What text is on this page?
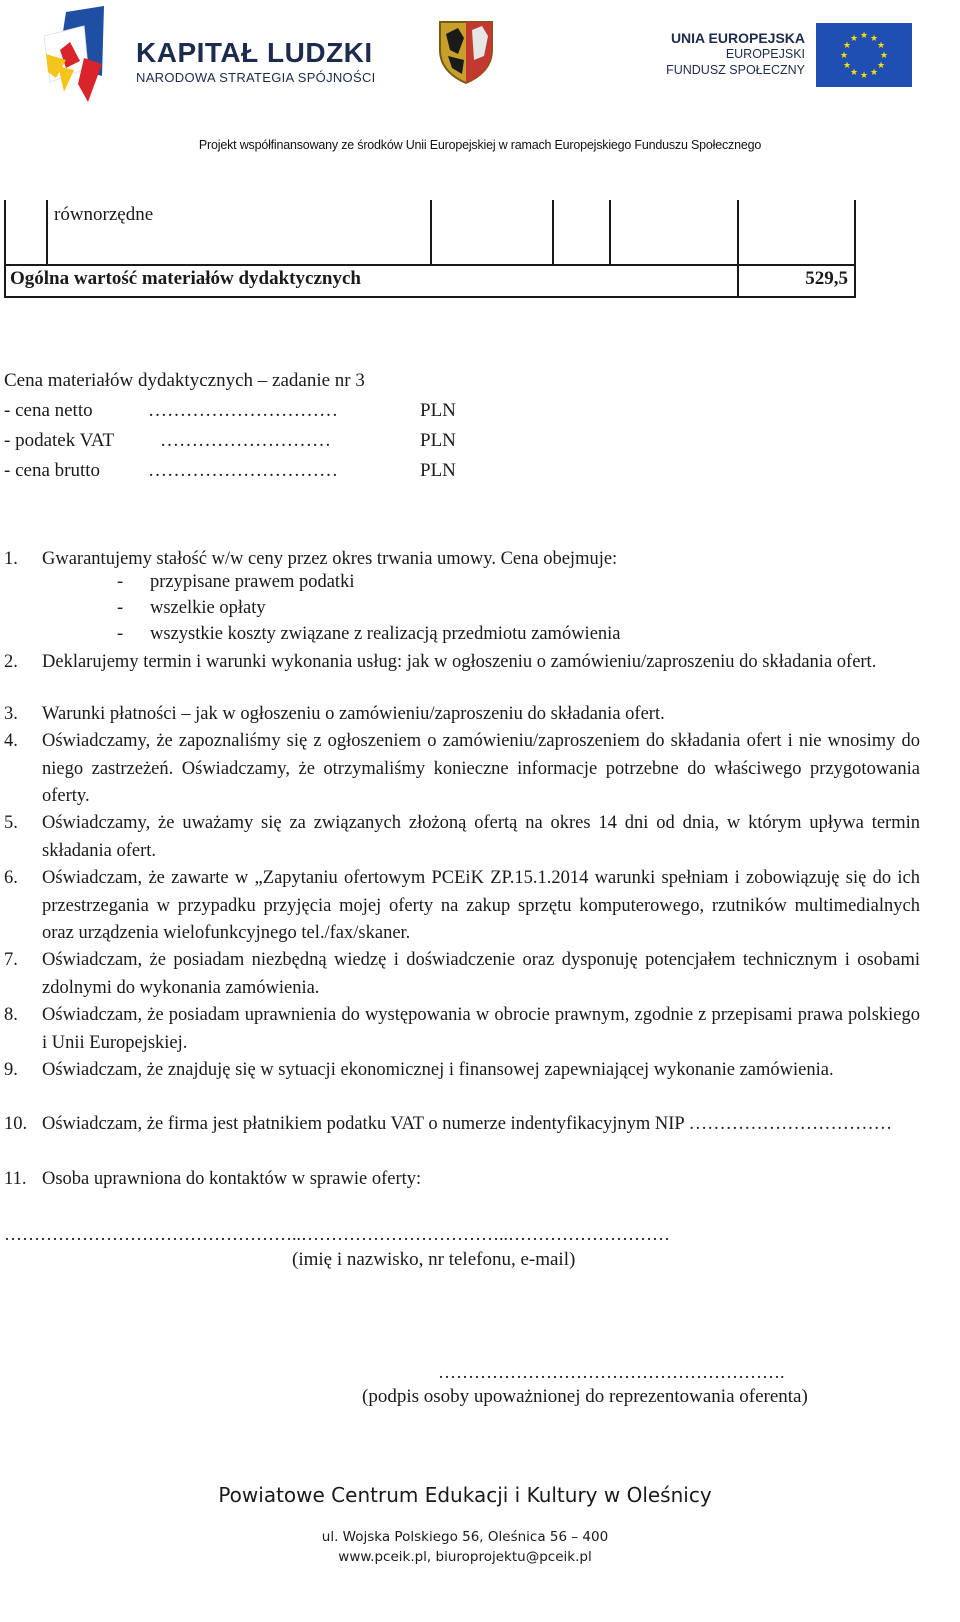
KAPITAŁ LUDZKI
NARODOWA STRATEGIA SPÓJNOŚCI
UNIA EUROPEJSKA
EUROPEJSKI
FUNDUSZ SPOŁECZNY
★ ★
★
★
★
★
★
★
★
★
★
★
Projekt współfinansowany ze środków Unii Europejskiej w ramach Europejskiego Funduszu Społecznego
równorzędne
Ogólna wartość materiałów dydaktycznych	529,5
Cena materiałów dydaktycznych – zadanie nr 3
- cena netto	…………………………	PLN
- podatek VAT ………………………	PLN
- cena brutto	…………………………	PLN
1. Gwarantujemy stałość w/w ceny przez okres trwania umowy. Cena obejmuje:
- przypisane prawem podatki
- wszelkie opłaty
- wszystkie koszty związane z realizacją przedmiotu zamówienia
2. Deklarujemy termin i warunki wykonania usług: jak w ogłoszeniu o zamówieniu/zaproszeniu do składania ofert.
3. Warunki płatności – jak w ogłoszeniu o zamówieniu/zaproszeniu do składania ofert.
4. Oświadczamy, że zapoznaliśmy się z ogłoszeniem o zamówieniu/zaproszeniem do składania ofert i nie wnosimy do niego zastrzeżeń. Oświadczamy, że otrzymaliśmy konieczne informacje potrzebne do właściwego przygotowania oferty.
5. Oświadczamy, że uważamy się za związanych złożoną ofertą na okres 14 dni od dnia, w którym upływa termin składania ofert.
6. Oświadczam, że zawarte w „Zapytaniu ofertowym PCEiK ZP.15.1.2014 warunki spełniam i zobowiązuję się do ich przestrzegania w przypadku przyjęcia mojej oferty na zakup sprzętu komputerowego, rzutników multimedialnych oraz urządzenia wielofunkcyjnego tel./fax/skaner.
7. Oświadczam, że posiadam niezbędną wiedzę i doświadczenie oraz dysponuję potencjałem technicznym i osobami zdolnymi do wykonania zamówienia.
8. Oświadczam, że posiadam uprawnienia do występowania w obrocie prawnym, zgodnie z przepisami prawa polskiego i Unii Europejskiej.
9. Oświadczam, że znajduję się w sytuacji ekonomicznej i finansowej zapewniającej wykonanie zamówienia.
10. Oświadczam, że firma jest płatnikiem podatku VAT o numerze indentyfikacyjnym NIP ……………………………
11. Osoba uprawniona do kontaktów w sprawie oferty:
…………………………………………..……………………………..………………………
(imię i nazwisko, nr telefonu, e-mail)
………………………………………………….
(podpis osoby upoważnionej do reprezentowania oferenta)
Powiatowe Centrum Edukacji i Kultury w Oleśnicy
ul. Wojska Polskiego 56, Oleśnica 56 – 400
www.pceik.pl, biuroprojektu@pceik.pl
